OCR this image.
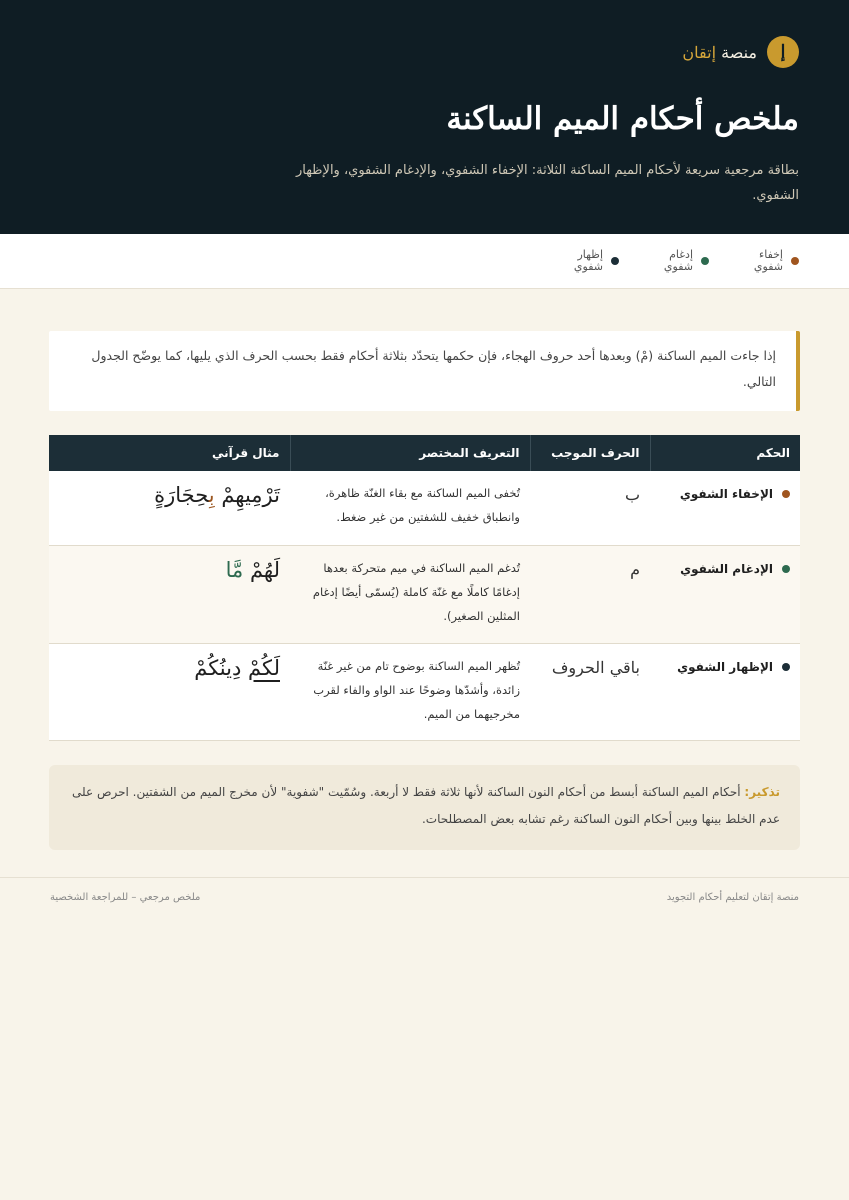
إ
منصة إتقان
ملخص أحكام الميم الساكنة
بطاقة مرجعية سريعة لأحكام الميم الساكنة الثلاثة: الإخفاء الشفوي، والإدغام الشفوي، والإظهار الشفوي.
إخفاء شفوي
إدغام شفوي
إظهار شفوي
إذا جاءت الميم الساكنة (مْ) وبعدها أحد حروف الهجاء، فإن حكمها يتحدّد بثلاثة أحكام فقط بحسب الحرف الذي يليها، كما يوضّح الجدول التالي.
الحكم	الحرف الموجب	التعريف المختصر	مثال قرآني

الإخفاء الشفوي	ب	تُخفى الميم الساكنة مع بقاء الغنّة ظاهرة، وانطباق خفيف للشفتين من غير ضغط.	تَرْمِيهِمْ بِحِجَارَةٍ

الإدغام الشفوي	م	تُدغم الميم الساكنة في ميم متحركة بعدها إدغامًا كاملًا مع غنّة كاملة (يُسمّى أيضًا إدغام المثلين الصغير).	لَهُمْ مَّا

الإظهار الشفوي	باقي الحروف	تُظهر الميم الساكنة بوضوح تام من غير غنّة زائدة، وأشدّها وضوحًا عند الواو والفاء لقرب مخرجيهما من الميم.	لَكُمْ دِينُكُمْ
تذكير: أحكام الميم الساكنة أبسط من أحكام النون الساكنة لأنها ثلاثة فقط لا أربعة. وسُمّيت "شفوية" لأن مخرج الميم من الشفتين. احرص على عدم الخلط بينها وبين أحكام النون الساكنة رغم تشابه بعض المصطلحات.
منصة إتقان لتعليم أحكام التجويد
ملخص مرجعي – للمراجعة الشخصية
